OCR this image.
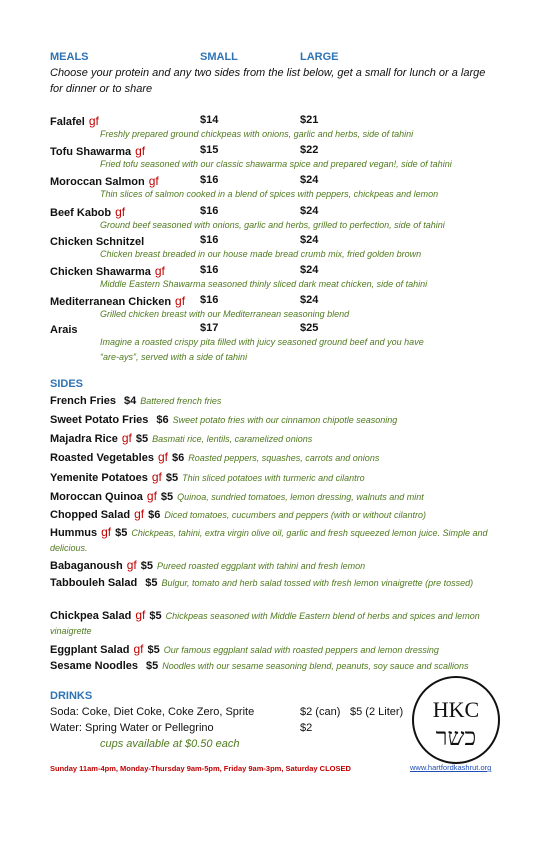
MEALS	SMALL	LARGE
Choose your protein and any two sides from the list below, get a small for lunch or a large for dinner or to share
Falafel gf	$14	$21
Freshly prepared ground chickpeas with onions, garlic and herbs, side of tahini
Tofu Shawarma gf	$15	$22
Fried tofu seasoned with our classic shawarma spice and prepared vegan!, side of tahini
Moroccan Salmon gf	$16	$24
Thin slices of salmon cooked in a blend of spices with peppers, chickpeas and lemon
Beef Kabob gf	$16	$24
Ground beef seasoned with onions, garlic and herbs, grilled to perfection, side of tahini
Chicken Schnitzel	$16	$24
Chicken breast breaded in our house made bread crumb mix, fried golden brown
Chicken Shawarma gf	$16	$24
Middle Eastern Shawarma seasoned thinly sliced dark meat chicken, side of tahini
Mediterranean Chicken gf $16	$24
Grilled chicken breast with our Mediterranean seasoning blend
Arais	$17	$25
Imagine a roasted crispy pita filled with juicy seasoned ground beef and you have “are-ays”, served with a side of tahini
SIDES
French Fries $4 Battered french fries
Sweet Potato Fries $6 Sweet potato fries with our cinnamon chipotle seasoning
Majadra Rice gf $5 Basmati rice, lentils, caramelized onions
Roasted Vegetables gf $6 Roasted peppers, squashes, carrots and onions
Yemenite Potatoes gf $5 Thin sliced potatoes with turmeric and cilantro
Moroccan Quinoa gf $5 Quinoa, sundried tomatoes, lemon dressing, walnuts and mint
Chopped Salad gf $6 Diced tomatoes, cucumbers and peppers (with or without cilantro)
Hummus gf $5 Chickpeas, tahini, extra virgin olive oil, garlic and fresh squeezed lemon juice. Simple and delicious.
Babaganoush gf $5 Pureed roasted eggplant with tahini and fresh lemon
Tabbouleh Salad $5 Bulgur, tomato and herb salad tossed with fresh lemon vinaigrette (pre tossed)
Chickpea Salad gf $5 Chickpeas seasoned with Middle Eastern blend of herbs and spices and lemon vinaigrette
Eggplant Salad gf $5 Our famous eggplant salad with roasted peppers and lemon dressing
Sesame Noodles $5 Noodles with our sesame seasoning blend, peanuts, soy sauce and scallions
DRINKS
Soda: Coke, Diet Coke, Coke Zero, Sprite	$2 (can) $5 (2 Liter)
Water: Spring Water or Pellegrino	$2
cups available at $0.50 each
Sunday 11am-4pm, Monday-Thursday 9am-5pm, Friday 9am-3pm, Saturday CLOSED	www.hartfordkashrut.org
HKC
כשר
